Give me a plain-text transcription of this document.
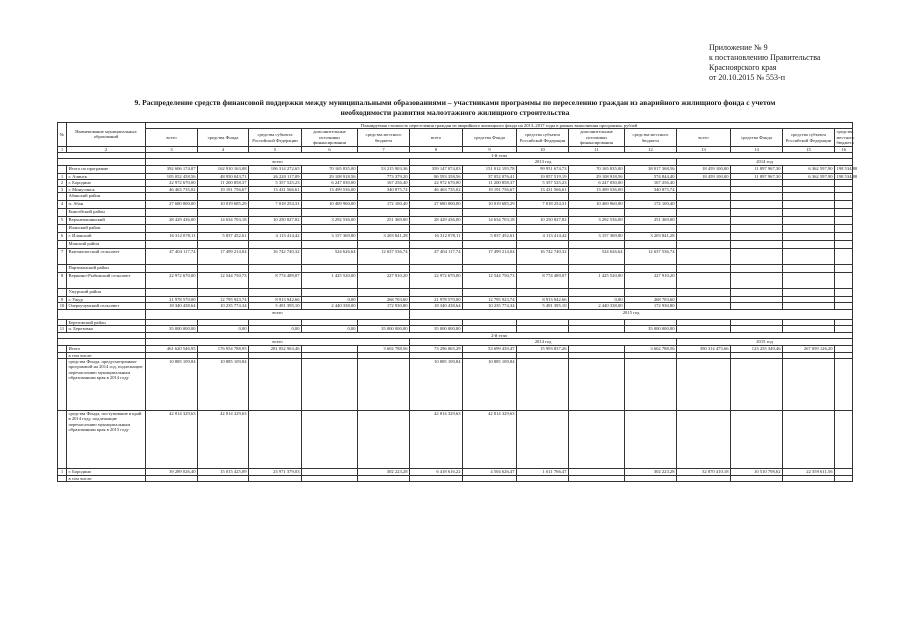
Приложение № 9
к постановлению Правительства
Красноярского края
от 20.10.2015 № 553-п
9. Распределение средств финансовой поддержки между муниципальными образованиями – участниками программы по переселению граждан из аварийного жилищного фонда с учетом
необходимости развития малоэтажного жилищного строительства
№	Наименование муниципальных образований	Планируемая стоимость переселения граждан из аварийного жилищного фонда на 2013–2017 годы в рамках выполнения программы, рублей													
		всего	средства Фонда	средства субъекта Российской Федерации	дополнительные источники финансирования	средства местного бюджета	всего	средства Фонда	средства субъекта Российской Федерации	дополнительные источники финансирования	средства местного бюджета	всего	средства Фонда	средства субъекта Российской Федерации	средства местного бюджета
1	2	3	4	5	6	7	8	9	10	11	12	13	14	15	16
		1-й этап													
		всего					2013 год					2014 год			
	Итого по программе	392 606 174,07	162 910 163,08	106 314 272,65	70 165 835,00	53 215 903,36	359 147 074,03	151 012 195,78	99 951 674,73	70 165 835,00	38 017 368,56	18 459 100,00	11 897 967,30	6 362 597,90	198 534,80
1	г. Ачинск	105 052 458,56	48 950 043,71	26 220 117,09	29 108 918,56	773 379,20	86 593 358,56	37 052 076,41	19 857 519,19	29 108 918,56	574 844,40	18 459 100,00	11 897 967,30	6 362 597,90	198 534,80
2	г. Бородино	22 972 670,00	11 200 858,37	5 357 525,23	6 247 030,00	167 256,40	22 972 670,00	11 200 858,37	5 357 525,23	6 247 030,00	167 256,40				
3	г. Минусинск	46 463 735,02	19 191 756,67	13 431 566,61	13 499 536,00	340 875,74	46 463 735,02	19 191 756,67	13 431 566,61	13 499 536,00	340 875,74				
	Абанский район														
4	п. Абан	27 680 000,00	10 019 685,29	7 018 254,31	10 469 960,00	172 100,40	27 680 000,00	10 019 685,29	7 018 254,31	10 469 960,00	172 100,40				
	Енисейский район														
5	Верхнепашинский	28 429 436,00	14 634 703,18	10 250 827,82	3 292 536,00	251 369,00	28 429 436,00	14 634 703,18	10 250 827,82	3 292 536,00	251 369,00				
	Иланский район														
6	г. Иланский	16 312 078,11	5 837 452,61	4 113 414,42	3 157 369,80	3 203 841,28	16 312 078,11	5 837 452,61	4 113 414,42	3 157 369,80	3 203 841,28				
	Манский район														
7	Выезжелогский сельсовет	47 404 117,74	17 499 214,04	16 742 740,32	524 626,64	12 637 536,74	47 404 117,74	17 499 214,04	16 742 740,32	524 626,64	12 637 536,74				
	Партизанский район														
8	Вершино-Рыбинский сельсовет	22 972 670,00	12 544 750,73	8 774 489,07	1 425 520,00	227 910,20	22 972 670,00	12 544 750,73	8 774 489,07	1 425 520,00	227 910,20				
	Ужурский район														
9	г. Ужур	21 978 570,00	12 795 923,74	8 913 942,66	0,00	268 703,60	21 978 570,00	12 795 923,74	8 913 942,66	0,00	268 703,60				
10	Озероучумский сельсовет	18 340 438,64	10 235 774,34	5 491 395,10	2 440 338,00	172 930,80	18 340 438,64	10 235 774,34	5 491 395,10	2 440 338,00	172 930,80				
		всего					2015 год								
	Березовский район														
11	п. Березовка	35 000 000,00	0,00	0,00	0,00	35 000 000,00	35 000 000,00				35 000 000,00				
		2-й этап													
		всего					2014 год					2015 год			
	Итого	461 620 546,95	176 954 788,95	281 052 963,46		3 602 788,56	73 296 065,29	53 699 439,47	15 993 837,26		3 602 788,56	390 314 475,66	123 255 349,46	267 059 126,20	
	в том числе:														
	средства Фонда, предусмотренные программой на 2014 год, подлежащие перечислению муниципальным образованиям края в 2014 году	10 885 109,84	10 885 109,84				10 885 109,84	10 885 109,84							
	средства Фонда, поступившие в край в 2014 году, подлежащие перечислению муниципальным образованиям края в 2015 году	42 814 329,63	42 814 329,63				42 814 329,63	42 814 329,63							
1	г. Бородино	39 289 026,40	15 015 425,09	23 971 379,03		302 223,28	6 418 616,22	4 504 626,47	1 611 766,47		302 223,28	32 870 410,18	10 510 798,62	22 359 611,56	
	в том числе:														
